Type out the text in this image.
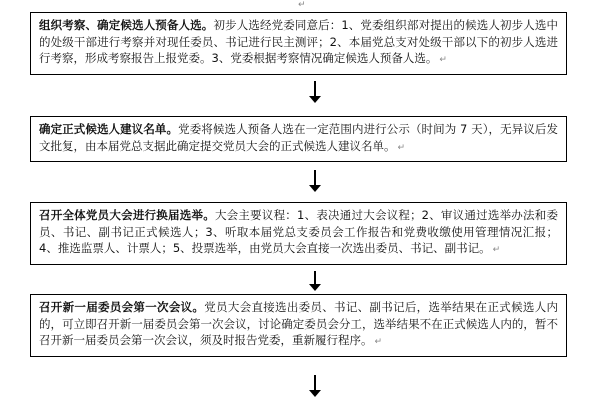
↵
组织考察、确定候选人预备人选。初步人选经党委同意后：1、党委组织部对提出的候选人初步人选中的处级干部进行考察并对现任委员、书记进行民主测评；2、本届党总支对处级干部以下的初步人选进行考察，形成考察报告上报党委。3、党委根据考察情况确定候选人预备人选。 ↵
确定正式候选人建议名单。党委将候选人预备人选在一定范围内进行公示（时间为 7 天），无异议后发文批复，由本届党总支据此确定提交党员大会的正式候选人建议名单。 ↵
召开全体党员大会进行换届选举。大会主要议程：1、表决通过大会议程；2、审议通过选举办法和委员、书记、副书记正式候选人；3、听取本届党总支委员会工作报告和党费收缴使用管理情况汇报；4、推选监票人、计票人；5、投票选举，由党员大会直接一次选出委员、书记、副书记。 ↵
召开新一届委员会第一次会议。党员大会直接选出委员、书记、副书记后，选举结果在正式候选人内的，可立即召开新一届委员会第一次会议，讨论确定委员会分工，选举结果不在正式候选人内的，暂不召开新一届委员会第一次会议，须及时报告党委，重新履行程序。 ↵
